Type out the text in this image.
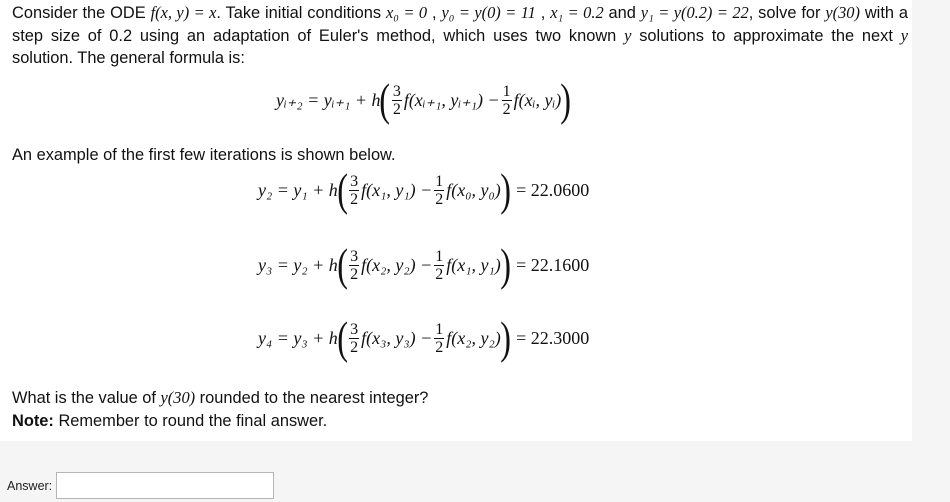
Consider the ODE f(x, y) = x. Take initial conditions x₀ = 0 , y₀ = y(0) = 11 , x₁ = 0.2 and y₁ = y(0.2) = 22, solve for y(30) with a step size of 0.2 using an adaptation of Euler's method, which uses two known y solutions to approximate the next y solution. The general formula is:
yᵢ₊₂ = yᵢ₊₁ + h ( $\frac{3}{2}$ f(xᵢ₊₁, yᵢ₊₁) − $\frac{1}{2}$ f(xᵢ, yᵢ) )
An example of the first few iterations is shown below.
y₂ = y₁ + h ( $\frac{3}{2} f(x_1$, $y_1) - \frac{1}{2} f(x_0$, y₀) ) = 22.0600
y₃ = y₂ + h ( $\frac{3}{2} f(x_2$, $y_2) - \frac{1}{2} f(x_1$, y₁) ) = 22.1600
y₄ = y₃ + h ( $\frac{3}{2} f(x_3$, $y_3) - \frac{1}{2} f(x_2$, y₂) ) = 22.3000
What is the value of y(30) rounded to the nearest integer?
Note: Remember to round the final answer.
Answer:
